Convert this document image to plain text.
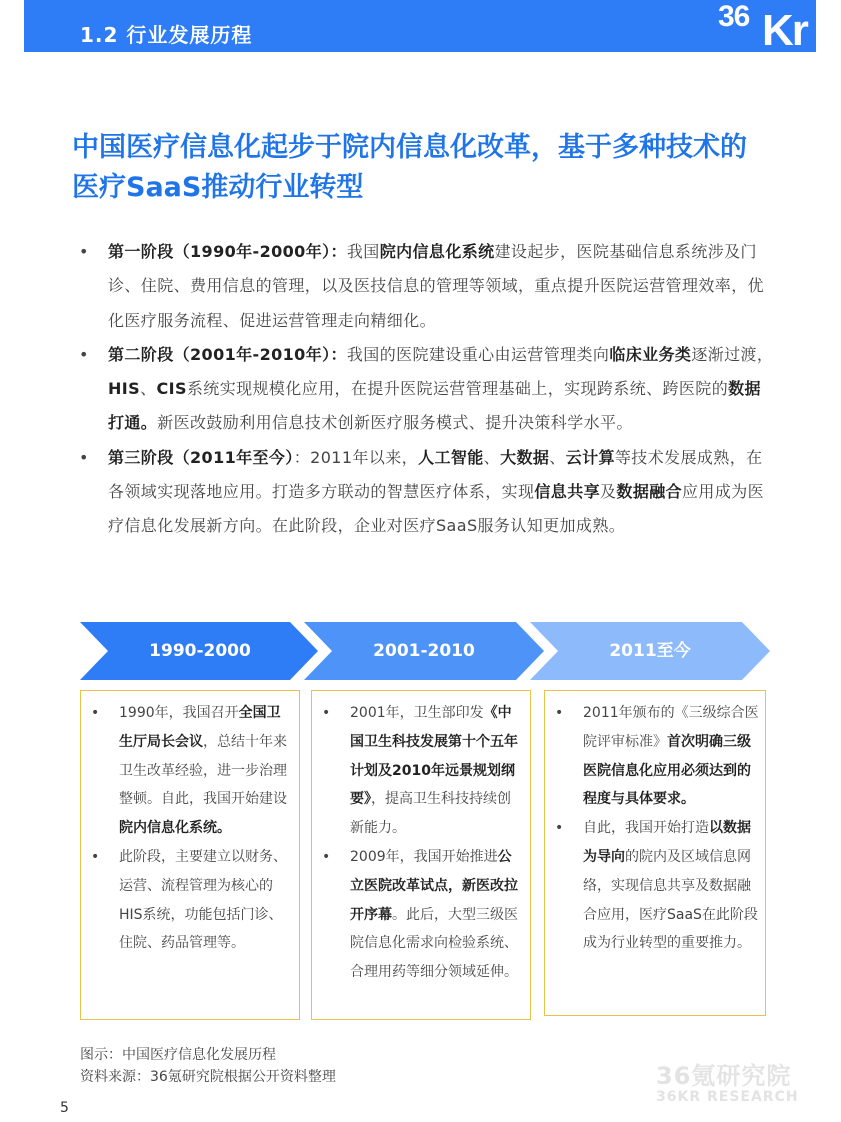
1.2 行业发展历程
36 Kr
中国医疗信息化起步于院内信息化改革，基于多种技术的医疗SaaS推动行业转型
• 第一阶段（1990年-2000年）：我国院内信息化系统建设起步，医院基础信息系统涉及门诊、住院、费用信息的管理，以及医技信息的管理等领域，重点提升医院运营管理效率，优化医疗服务流程、促进运营管理走向精细化。
• 第二阶段（2001年-2010年）：我国的医院建设重心由运营管理类向临床业务类逐渐过渡，HIS、CIS系统实现规模化应用，在提升医院运营管理基础上，实现跨系统、跨医院的数据打通。新医改鼓励利用信息技术创新医疗服务模式、提升决策科学水平。
• 第三阶段（2011年至今）：2011年以来，人工智能、大数据、云计算等技术发展成熟，在各领域实现落地应用。打造多方联动的智慧医疗体系，实现信息共享及数据融合应用成为医疗信息化发展新方向。在此阶段，企业对医疗SaaS服务认知更加成熟。
1990-2000	2001-2010	2011至今
• 1990年，我国召开全国卫生厅局长会议，总结十年来卫生改革经验，进一步治理整顿。自此，我国开始建设院内信息化系统。
• 此阶段，主要建立以财务、运营、流程管理为核心的HIS系统，功能包括门诊、住院、药品管理等。
• 2001年，卫生部印发《中国卫生科技发展第十个五年计划及2010年远景规划纲要》，提高卫生科技持续创新能力。
• 2009年，我国开始推进公立医院改革试点，新医改拉开序幕。此后，大型三级医院信息化需求向检验系统、合理用药等细分领域延伸。
• 2011年颁布的《三级综合医院评审标准》首次明确三级医院信息化应用必须达到的程度与具体要求。
• 自此，我国开始打造以数据为导向的院内及区域信息网络，实现信息共享及数据融合应用，医疗SaaS在此阶段成为行业转型的重要推力。
图示：中国医疗信息化发展历程
资料来源：36氪研究院根据公开资料整理	36氪研究院
36KR RESEARCH
5
